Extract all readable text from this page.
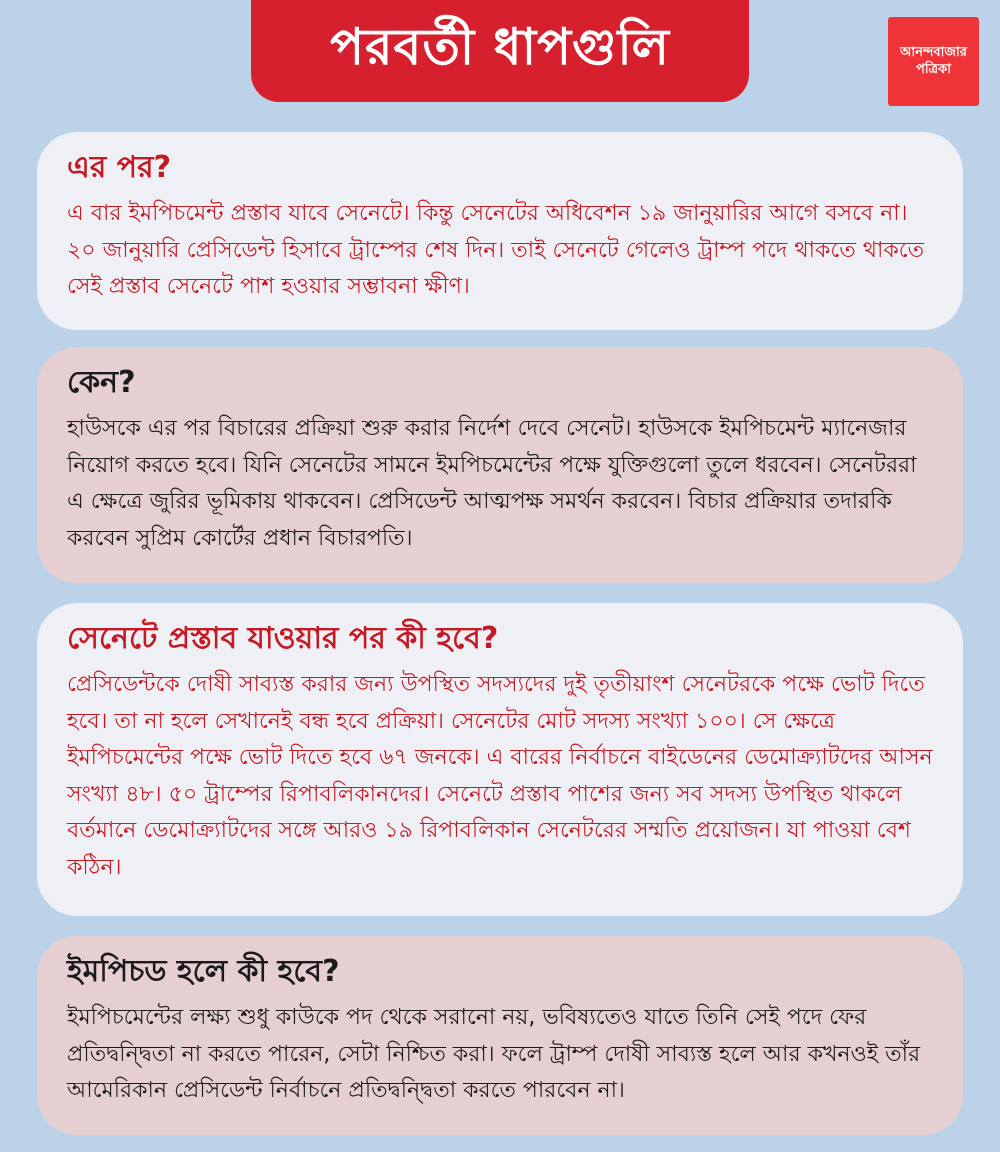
পরবর্তী ধাপগুলি	আনন্দবাজার
পত্রিকা
এর পর?

এ বার ইমপিচমেন্ট প্রস্তাব যাবে সেনেটে। কিন্তু সেনেটের অধিবেশন ১৯ জানুয়ারির আগে বসবে না। ২০ জানুয়ারি প্রেসিডেন্ট হিসাবে ট্রাম্পের শেষ দিন। তাই সেনেটে গেলেও ট্রাম্প পদে থাকতে থাকতে সেই প্রস্তাব সেনেটে পাশ হওয়ার সম্ভাবনা ক্ষীণ।

কেন?

হাউসকে এর পর বিচারের প্রক্রিয়া শুরু করার নির্দেশ দেবে সেনেট। হাউসকে ইমপিচমেন্ট ম্যানেজার নিয়োগ করতে হবে। যিনি সেনেটের সামনে ইমপিচমেন্টের পক্ষে যুক্তিগুলো তুলে ধরবেন। সেনেটররা এ ক্ষেত্রে জুরির ভূমিকায় থাকবেন। প্রেসিডেন্ট আত্মপক্ষ সমর্থন করবেন। বিচার প্রক্রিয়ার তদারকি করবেন সুপ্রিম কোর্টের প্রধান বিচারপতি।

সেনেটে প্রস্তাব যাওয়ার পর কী হবে?

প্রেসিডেন্টকে দোষী সাব্যস্ত করার জন্য উপস্থিত সদস্যদের দুই তৃতীয়াংশ সেনেটরকে পক্ষে ভোট দিতে হবে। তা না হলে সেখানেই বন্ধ হবে প্রক্রিয়া। সেনেটের মোট সদস্য সংখ্যা ১০০। সে ক্ষেত্রে ইমপিচমেন্টের পক্ষে ভোট দিতে হবে ৬৭ জনকে। এ বারের নির্বাচনে বাইডেনের ডেমোক্র্যাটদের আসন সংখ্যা ৪৮। ৫০ ট্রাম্পের রিপাবলিকানদের। সেনেটে প্রস্তাব পাশের জন্য সব সদস্য উপস্থিত থাকলে বর্তমানে ডেমোক্র্যাটদের সঙ্গে আরও ১৯ রিপাবলিকান সেনেটরের সম্মতি প্রয়োজন। যা পাওয়া বেশ কঠিন।

ইমপিচড হলে কী হবে?

ইমপিচমেন্টের লক্ষ্য শুধু কাউকে পদ থেকে সরানো নয়, ভবিষ্যতেও যাতে তিনি সেই পদে ফের প্রতিদ্বন্দ্বিতা না করতে পারেন, সেটা নিশ্চিত করা। ফলে ট্রাম্প দোষী সাব্যস্ত হলে আর কখনওই তাঁর আমেরিকান প্রেসিডেন্ট নির্বাচনে প্রতিদ্বন্দ্বিতা করতে পারবেন না।
